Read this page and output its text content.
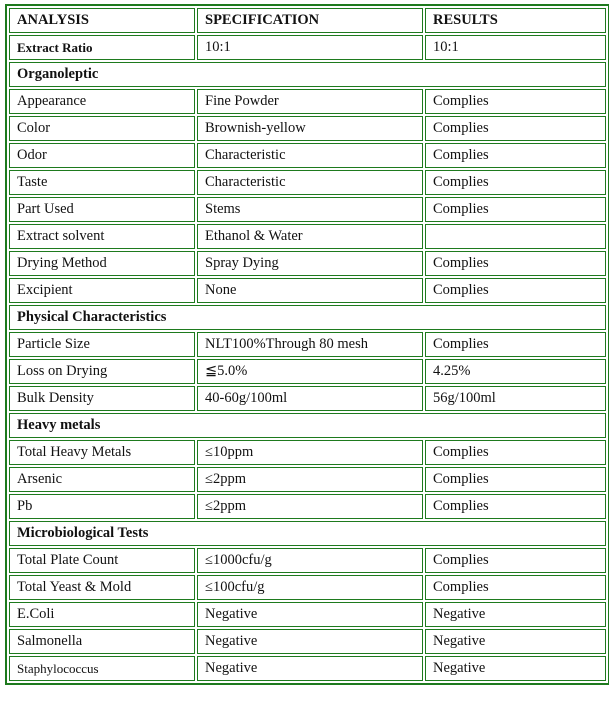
ANALYSIS	SPECIFICATION	RESULTS
Extract Ratio	10:1	10:1
Organoleptic		
Appearance	Fine Powder	Complies
Color	Brownish-yellow	Complies
Odor	Characteristic	Complies
Taste	Characteristic	Complies
Part Used	Stems	Complies
Extract solvent	Ethanol & Water	
Drying Method	Spray Dying	Complies
Excipient	None	Complies
Physical Characteristics		
Particle Size	NLT100%Through 80 mesh	Complies
Loss on Drying	≦5.0%	4.25%
Bulk Density	40-60g/100ml	56g/100ml
Heavy metals		
Total Heavy Metals	≤10ppm	Complies
Arsenic	≤2ppm	Complies
Pb	≤2ppm	Complies
Microbiological Tests		
Total Plate Count	≤1000cfu/g	Complies
Total Yeast & Mold	≤100cfu/g	Complies
E.Coli	Negative	Negative
Salmonella	Negative	Negative
Staphylococcus	Negative	Negative
